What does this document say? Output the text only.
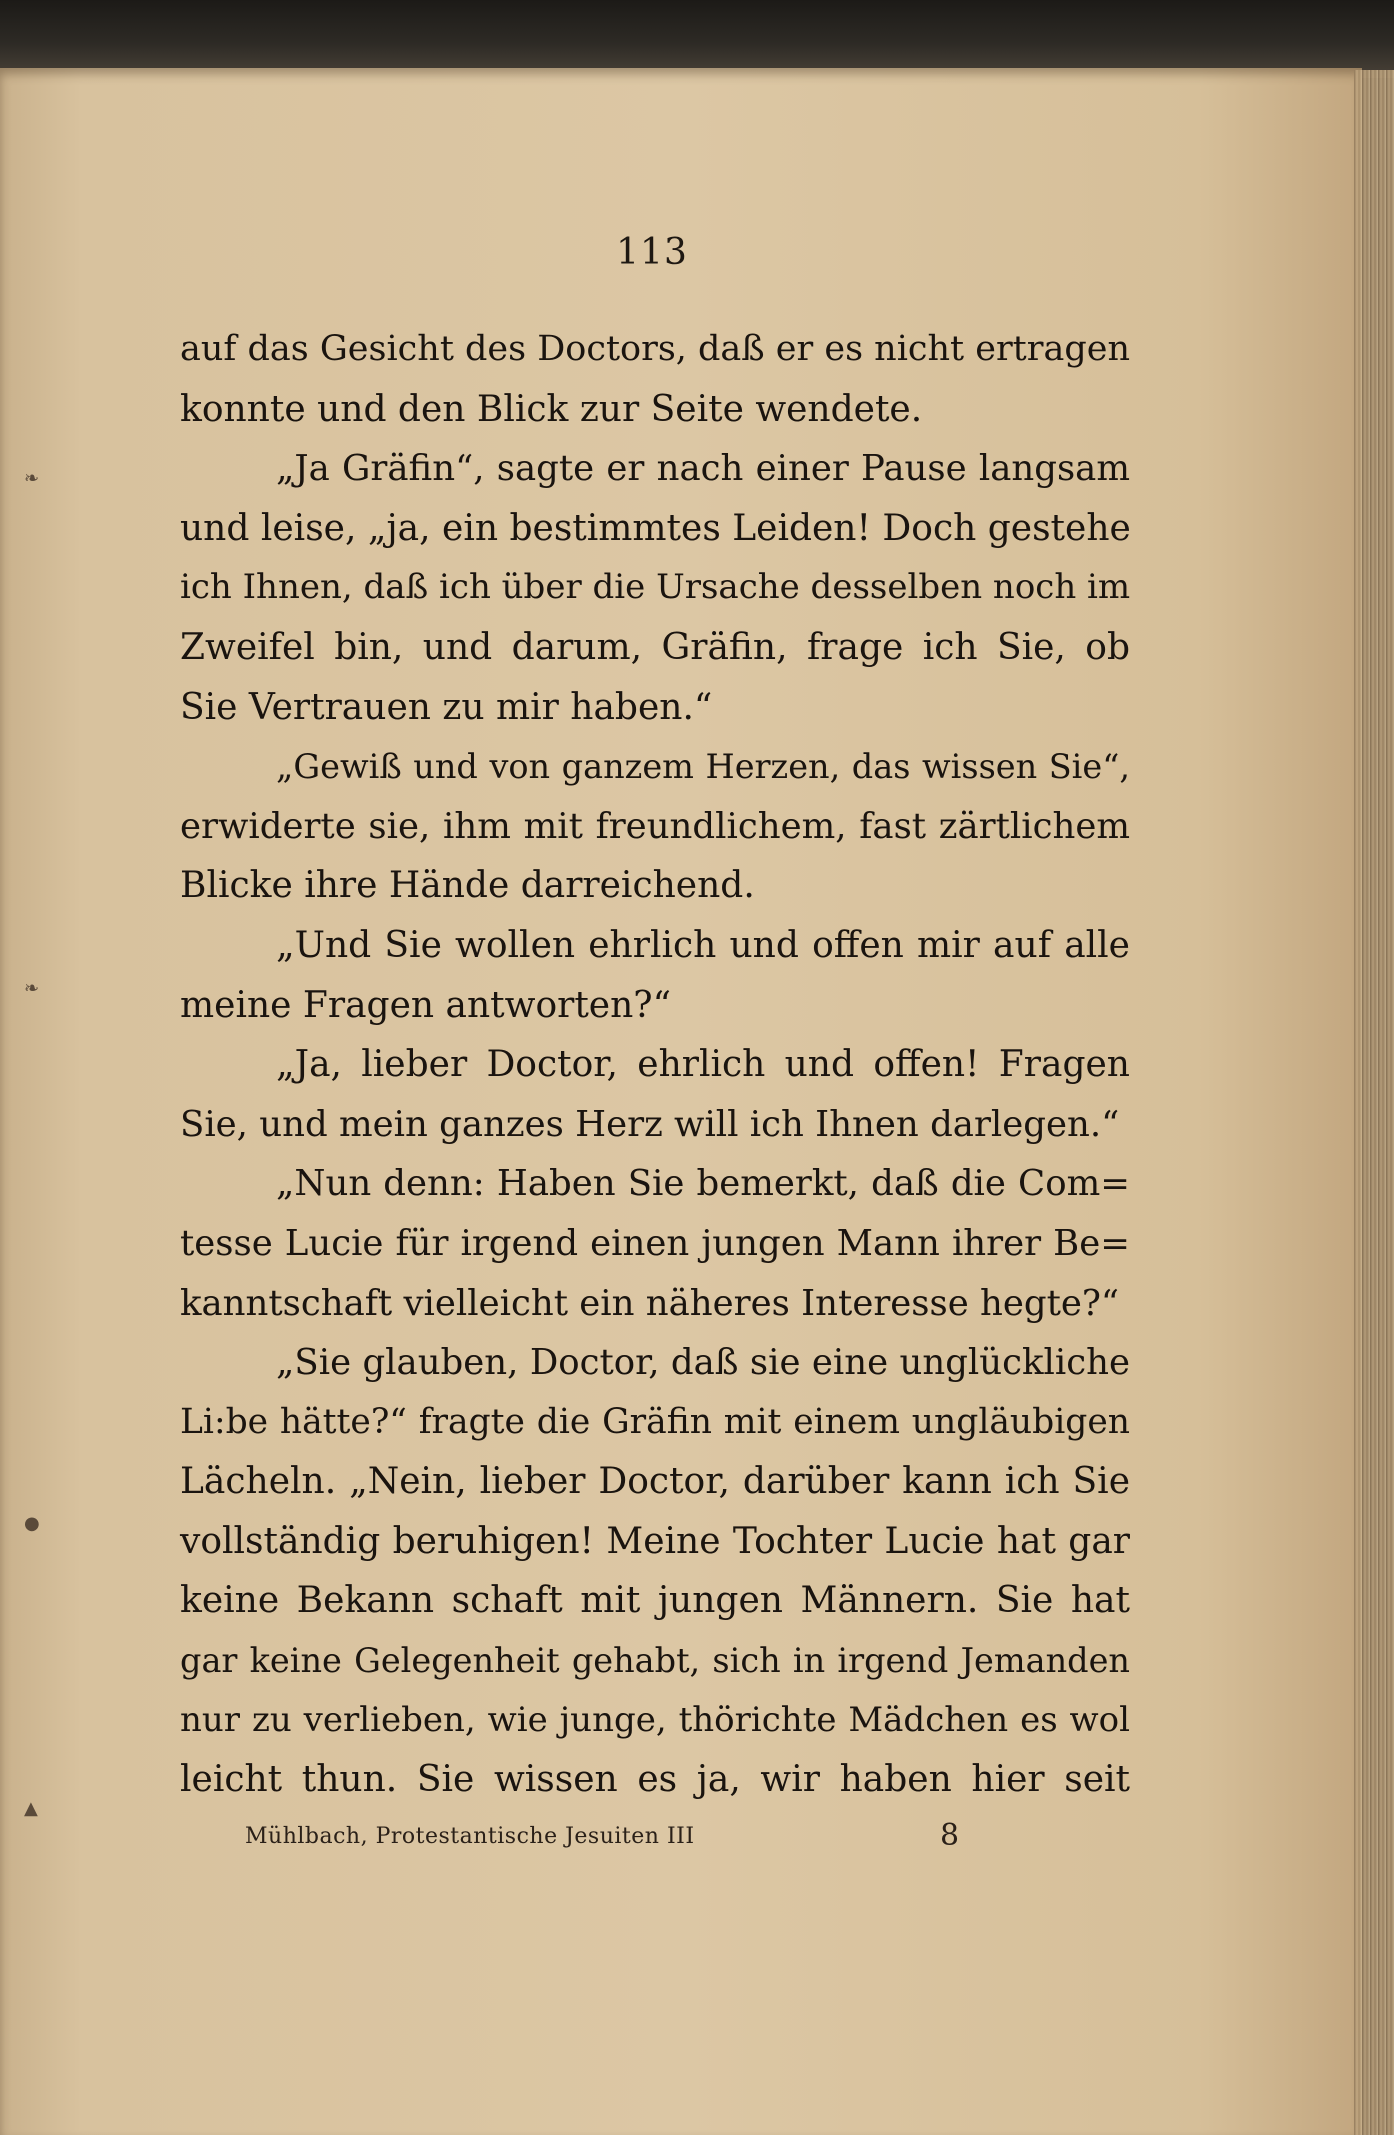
❧
❧
●
▲
113
auf das Gesicht des Doctors, daß er es nicht ertragen
konnte und den Blick zur Seite wendete.
„Ja Gräfin“, sagte er nach einer Pause langsam
und leise, „ja, ein bestimmtes Leiden! Doch gestehe
ich Ihnen, daß ich über die Ursache desselben noch im
Zweifel bin, und darum, Gräfin, frage ich Sie, ob
Sie Vertrauen zu mir haben.“
„Gewiß und von ganzem Herzen, das wissen Sie“,
erwiderte sie, ihm mit freundlichem, fast zärtlichem
Blicke ihre Hände darreichend.
„Und Sie wollen ehrlich und offen mir auf alle
meine Fragen antworten?“
„Ja, lieber Doctor, ehrlich und offen! Fragen
Sie, und mein ganzes Herz will ich Ihnen darlegen.“
„Nun denn: Haben Sie bemerkt, daß die Com=
tesse Lucie für irgend einen jungen Mann ihrer Be=
kanntschaft vielleicht ein näheres Interesse hegte?“
„Sie glauben, Doctor, daß sie eine unglückliche
Li:be hätte?“ fragte die Gräfin mit einem ungläubigen
Lächeln. „Nein, lieber Doctor, darüber kann ich Sie
vollständig beruhigen! Meine Tochter Lucie hat gar
keine Bekann schaft mit jungen Männern. Sie hat
gar keine Gelegenheit gehabt, sich in irgend Jemanden
nur zu verlieben, wie junge, thörichte Mädchen es wol
leicht thun. Sie wissen es ja, wir haben hier seit
Mühlbach, Protestantische Jesuiten III	8
